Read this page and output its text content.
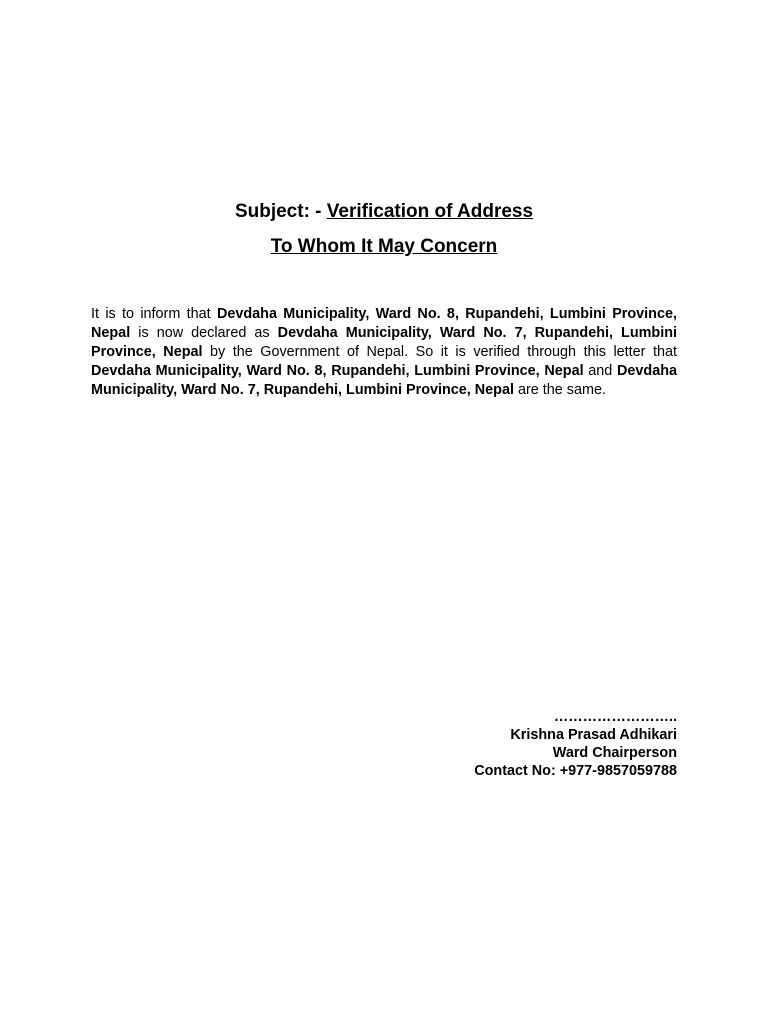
Subject: - Verification of Address
To Whom It May Concern
It is to inform that Devdaha Municipality, Ward No. 8, Rupandehi, Lumbini Province, Nepal is now declared as Devdaha Municipality, Ward No. 7, Rupandehi, Lumbini Province, Nepal by the Government of Nepal. So it is verified through this letter that Devdaha Municipality, Ward No. 8, Rupandehi, Lumbini Province, Nepal and Devdaha Municipality, Ward No. 7, Rupandehi, Lumbini Province, Nepal are the same.
……………………..
Krishna Prasad Adhikari
Ward Chairperson
Contact No: +977-9857059788
